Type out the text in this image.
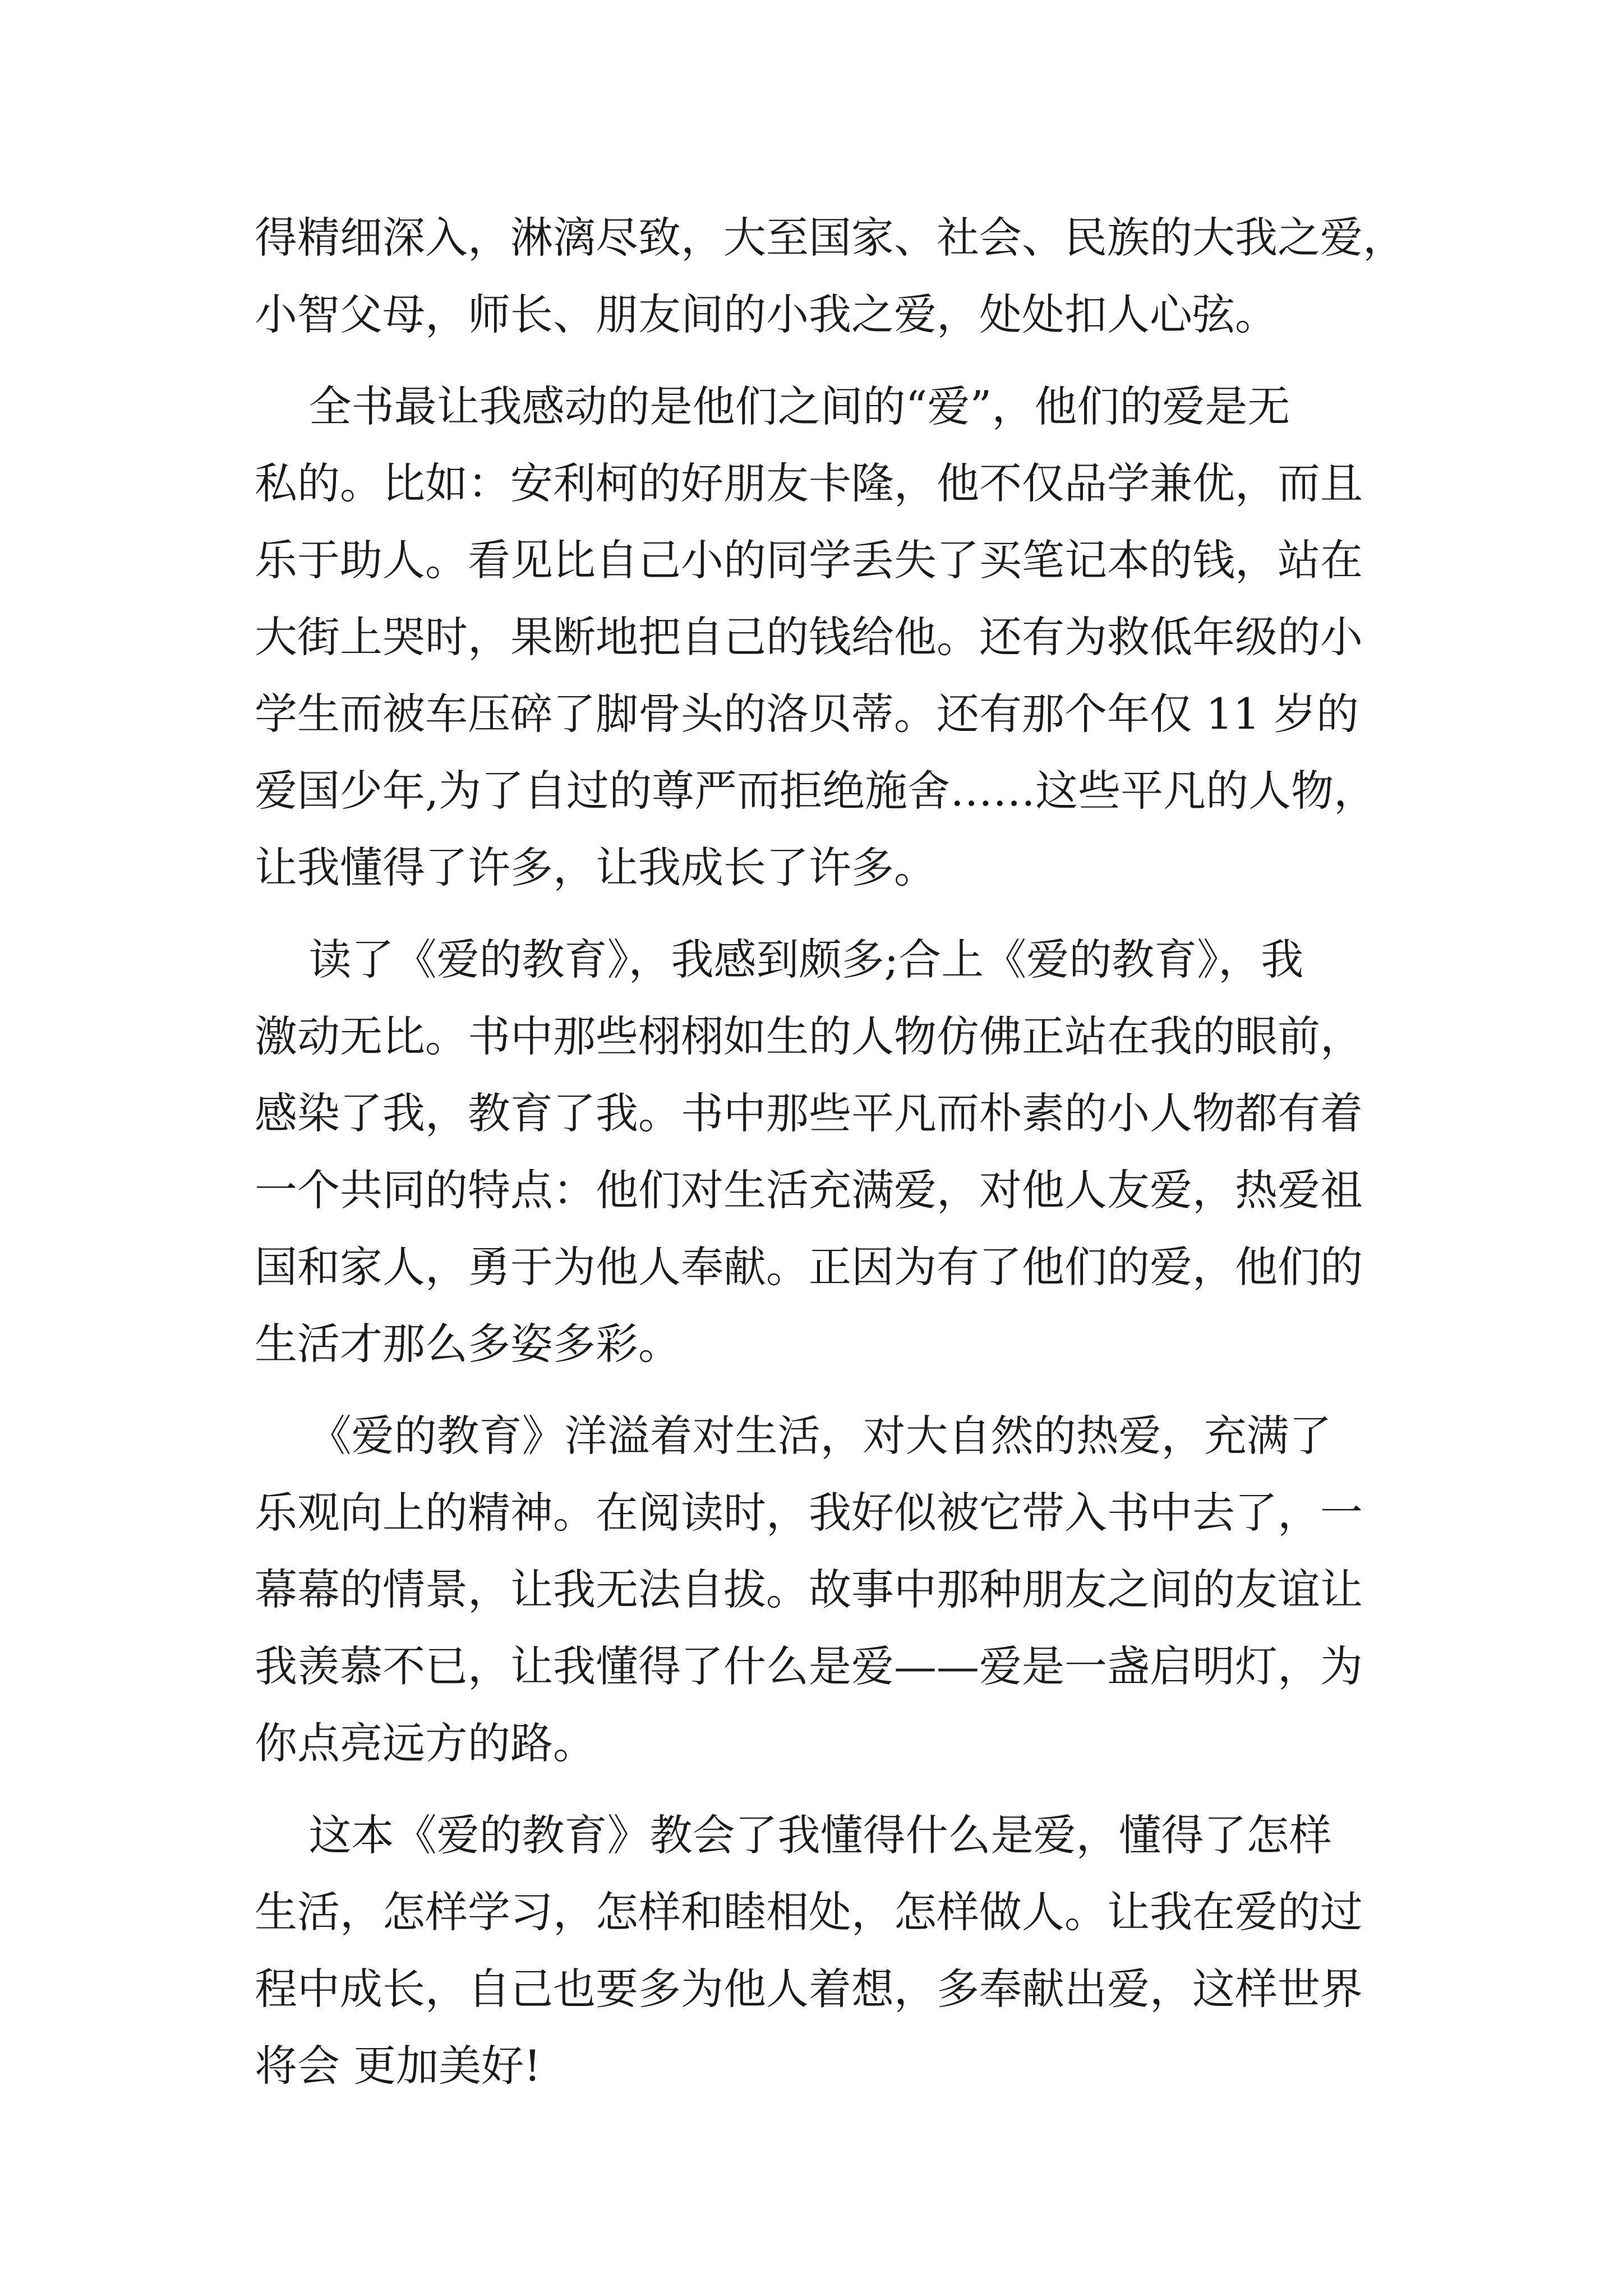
得精细深入，淋漓尽致，大至国家、社会、民族的大我之爱，
小智父母，师长、朋友间的小我之爱，处处扣人心弦。
全书最让我感动的是他们之间的“爱”，他们的爱是无
私的。比如：安利柯的好朋友卡隆，他不仅品学兼优，而且
乐于助人。看见比自己小的同学丢失了买笔记本的钱，站在
大街上哭时，果断地把自己的钱给他。还有为救低年级的小
学生而被车压碎了脚骨头的洛贝蒂。还有那个年仅 11 岁的
爱国少年,为了自过的尊严而拒绝施舍……这些平凡的人物，
让我懂得了许多，让我成长了许多。
读了《爱的教育》，我感到颇多;合上《爱的教育》，我
激动无比。书中那些栩栩如生的人物仿佛正站在我的眼前，
感染了我，教育了我。书中那些平凡而朴素的小人物都有着
一个共同的特点：他们对生活充满爱，对他人友爱，热爱祖
国和家人，勇于为他人奉献。正因为有了他们的爱，他们的
生活才那么多姿多彩。
《爱的教育》洋溢着对生活，对大自然的热爱，充满了
乐观向上的精神。在阅读时，我好似被它带入书中去了，一
幕幕的情景，让我无法自拔。故事中那种朋友之间的友谊让
我羡慕不已，让我懂得了什么是爱——爱是一盏启明灯，为
你点亮远方的路。
这本《爱的教育》教会了我懂得什么是爱，懂得了怎样
生活，怎样学习，怎样和睦相处，怎样做人。让我在爱的过
程中成长，自己也要多为他人着想，多奉献出爱，这样世界
将会 更加美好!
